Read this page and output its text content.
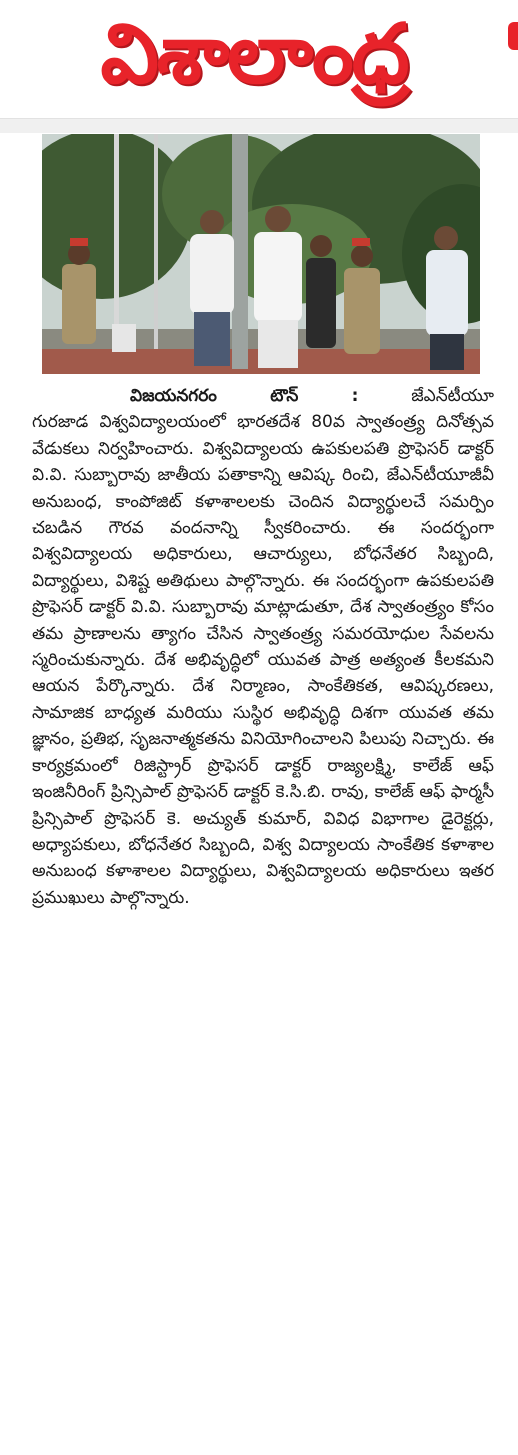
విశాలాంధ్ర
విజయనగరం టౌన్ :	జేఎన్‌టీయూ
గురజాడ విశ్వవిద్యాలయంలో భారతదేశ 80వ స్వాతంత్ర్య దినోత్సవ వేడుకలు నిర్వహించారు. విశ్వవిద్యాలయ ఉపకులపతి ప్రొఫెసర్ డాక్టర్ వి.వి. సుబ్బారావు జాతీయ పతాకాన్ని ఆవిష్క రించి, జేఎన్‌టీయూజీవీ అనుబంధ, కాంపోజిట్ కళాశాలలకు చెందిన విద్యార్థులచే సమర్పిం చబడిన గౌరవ వందనాన్ని స్వీకరించారు. ఈ సందర్భంగా విశ్వవిద్యాలయ అధికారులు, ఆచార్యులు, బోధనేతర సిబ్బంది, విద్యార్థులు, విశిష్ట అతిథులు పాల్గొన్నారు. ఈ సందర్భంగా ఉపకులపతి ప్రొఫెసర్ డాక్టర్ వి.వి. సుబ్బారావు మాట్లాడుతూ, దేశ స్వాతంత్ర్యం కోసం తమ ప్రాణాలను త్యాగం చేసిన స్వాతంత్ర్య సమరయోధుల సేవలను స్మరించుకున్నారు. దేశ అభివృద్ధిలో యువత పాత్ర అత్యంత కీలకమని ఆయన పేర్కొన్నారు. దేశ నిర్మాణం, సాంకేతికత, ఆవిష్కరణలు, సామాజిక బాధ్యత మరియు సుస్థిర అభివృద్ధి దిశగా యువత తమ జ్ఞానం, ప్రతిభ, సృజనాత్మకతను వినియోగించాలని పిలుపు నిచ్చారు. ఈ కార్యక్రమంలో రిజిస్ట్రార్ ప్రొఫెసర్ డాక్టర్ రాజ్యలక్ష్మి, కాలేజ్ ఆఫ్ ఇంజినీరింగ్ ప్రిన్సిపాల్ ప్రొఫెసర్ డాక్టర్ కె.సి.బి. రావు, కాలేజ్ ఆఫ్ ఫార్మసీ ప్రిన్సిపాల్ ప్రొఫెసర్ కె. అచ్యుత్ కుమార్, వివిధ విభాగాల డైరెక్టర్లు, అధ్యాపకులు, బోధనేతర సిబ్బంది, విశ్వ విద్యాలయ సాంకేతిక కళాశాల అనుబంధ కళాశాలల విద్యార్థులు, విశ్వవిద్యాలయ అధికారులు ఇతర ప్రముఖులు పాల్గొన్నారు.
